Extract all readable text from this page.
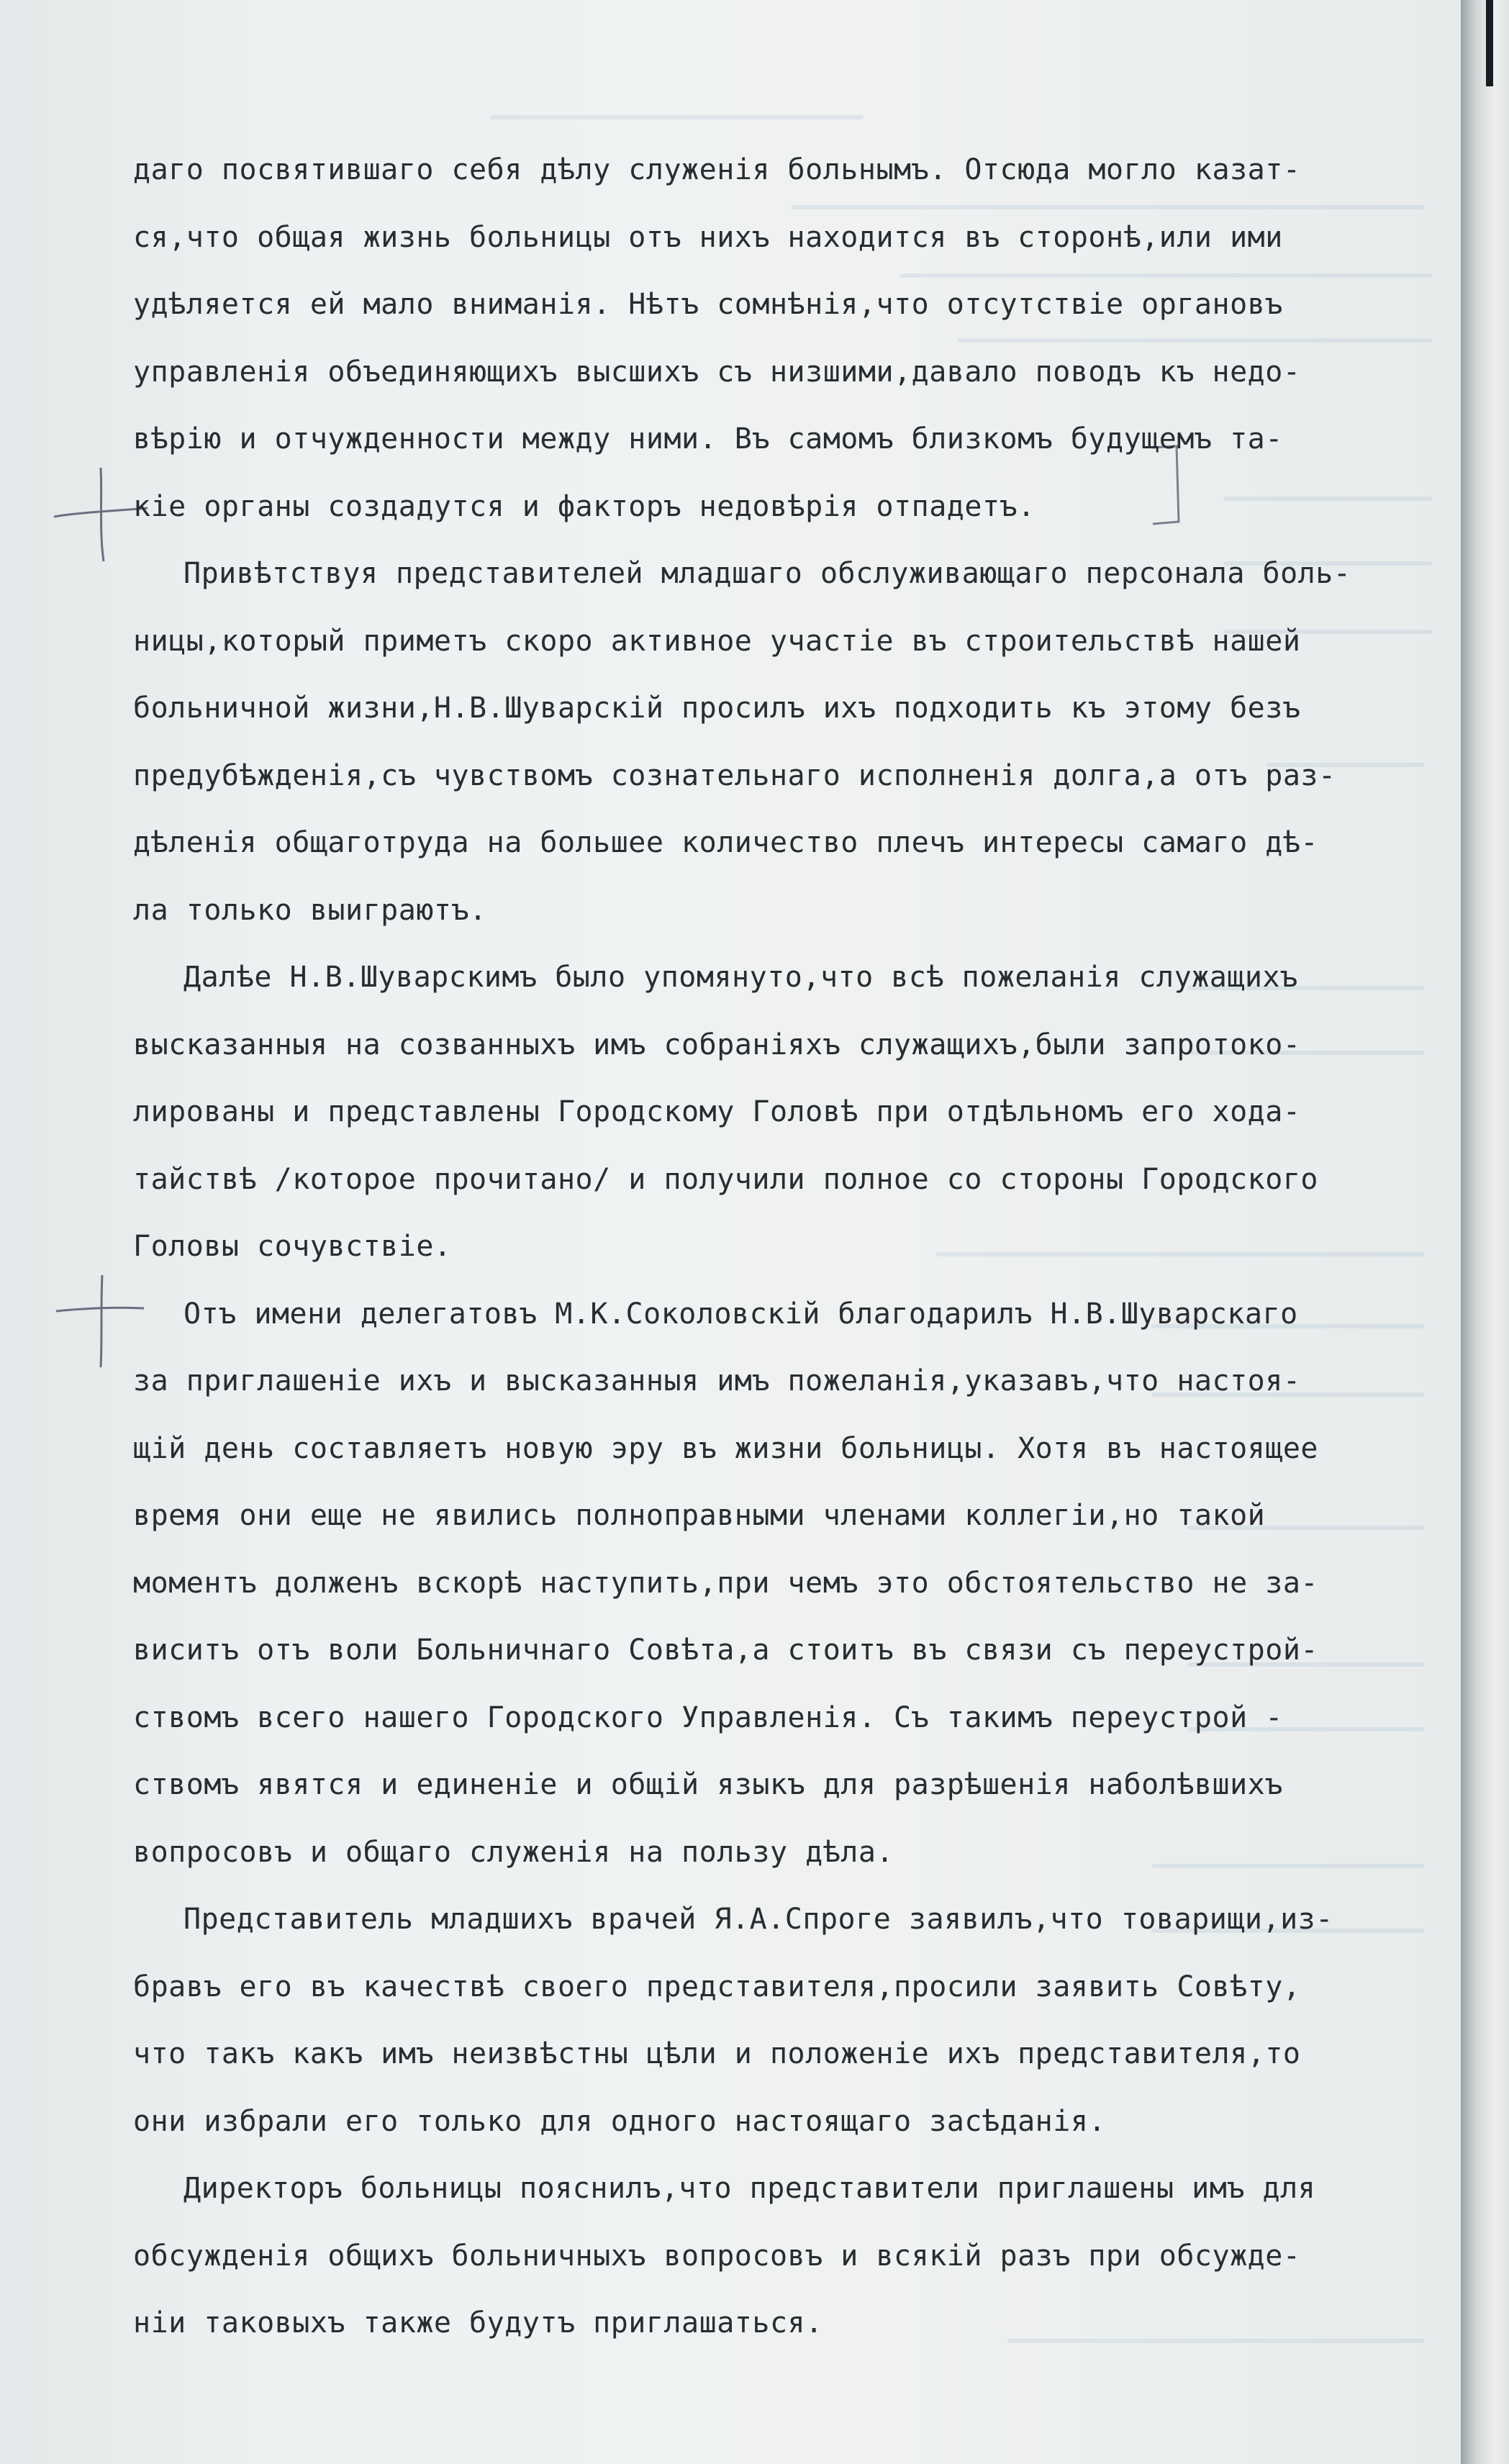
даго посвятившаго себя дѣлу служенія больнымъ. Отсюда могло казат-
ся,что общая жизнь больницы отъ нихъ находится въ сторонѣ,или ими
удѣляется ей мало вниманія. Нѣтъ сомнѣнія,что отсутствіе органовъ
управленія объединяющихъ высшихъ съ низшими,давало поводъ къ недо-
вѣрію и отчужденности между ними. Въ самомъ близкомъ будущемъ та-
кіе органы создадутся и факторъ недовѣрія отпадетъ.
Привѣтствуя представителей младшаго обслуживающаго персонала боль-
ницы,который приметъ скоро активное участіе въ строительствѣ нашей
больничной жизни,Н.В.Шуварскій просилъ ихъ подходить къ этому безъ
предубѣжденія,съ чувствомъ сознательнаго исполненія долга,а отъ раз-
дѣленія общаготруда на большее количество плечъ интересы самаго дѣ-
ла только выиграютъ.
Далѣе Н.В.Шуварскимъ было упомянуто,что всѣ пожеланія служащихъ
высказанныя на созванныхъ имъ собраніяхъ служащихъ,были запротоко-
лированы и представлены Городскому Головѣ при отдѣльномъ его хода-
тайствѣ /которое прочитано/ и получили полное со стороны Городского
Головы сочувствіе.
Отъ имени делегатовъ М.К.Соколовскій благодарилъ Н.В.Шуварскаго
за приглашеніе ихъ и высказанныя имъ пожеланія,указавъ,что настоя-
щій день составляетъ новую эру въ жизни больницы. Хотя въ настоящее
время они еще не явились полноправными членами коллегіи,но такой
моментъ долженъ вскорѣ наступить,при чемъ это обстоятельство не за-
виситъ отъ воли Больничнаго Совѣта,а стоитъ въ связи съ переустрой-
ствомъ всего нашего Городского Управленія. Съ такимъ переустрой -
ствомъ явятся и единеніе и общій языкъ для разрѣшенія наболѣвшихъ
вопросовъ и общаго служенія на пользу дѣла.
Представитель младшихъ врачей Я.А.Спроге заявилъ,что товарищи,из-
бравъ его въ качествѣ своего представителя,просили заявить Совѣту,
что такъ какъ имъ неизвѣстны цѣли и положеніе ихъ представителя,то
они избрали его только для одного настоящаго засѣданія.
Директоръ больницы пояснилъ,что представители приглашены имъ для
обсужденія общихъ больничныхъ вопросовъ и всякій разъ при обсужде-
ніи таковыхъ также будутъ приглашаться.
